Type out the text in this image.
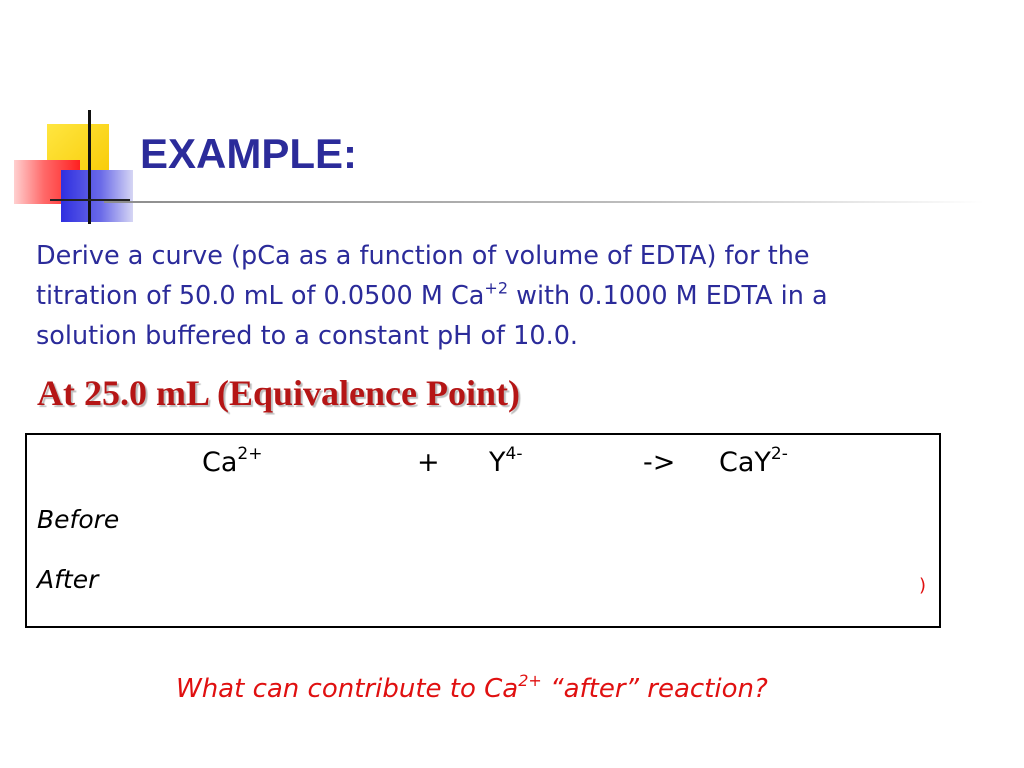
EXAMPLE:
Derive a curve (pCa as a function of volume of EDTA) for the
titration of 50.0 mL of 0.0500 M $Ca^{+2}$ with 0.1000 M EDTA in a
solution buffered to a constant pH of 10.0.
At 25.0 mL (Equivalence Point)
$Ca^{2+}$	+ $Y^{4-}$	-> CaY$^{2-}$
Before
After	)

What can contribute to $Ca^{2+}$ “after” reaction?
